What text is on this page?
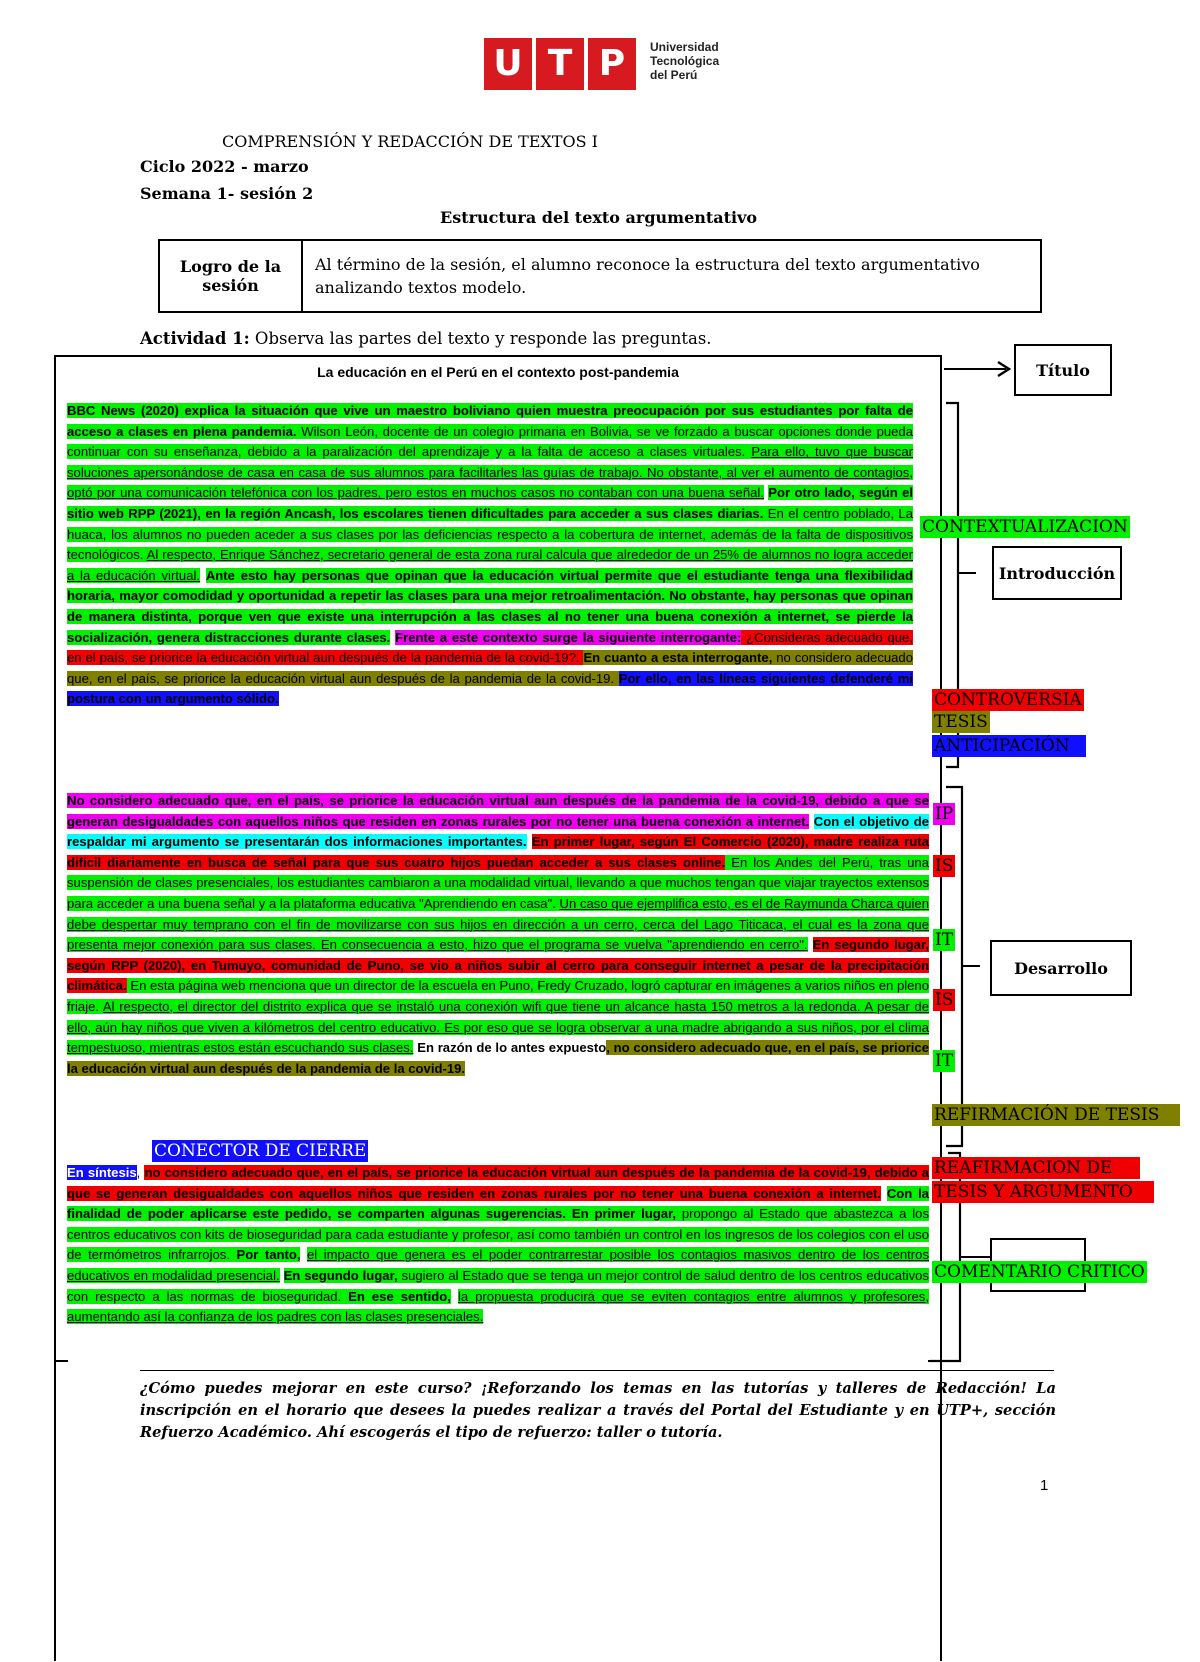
U T P	Universidad
Tecnológica
del Perú
COMPRENSIÓN Y REDACCIÓN DE TEXTOS I
Ciclo 2022 - marzo
Semana 1- sesión 2
Estructura del texto argumentativo
Logro de la sesión	Al término de la sesión, el alumno reconoce la estructura del texto argumentativo analizando textos modelo.
Actividad 1: Observa las partes del texto y responde las preguntas.
La educación en el Perú en el contexto post-pandemia
BBC News (2020) explica la situación que vive un maestro boliviano quien muestra preocupación por sus estudiantes por falta de acceso a clases en plena pandemia. Wilson León, docente de un colegio primaria en Bolivia, se ve forzado a buscar opciones donde pueda continuar con su enseñanza, debido a la paralización del aprendizaje y a la falta de acceso a clases virtuales. Para ello, tuvo que buscar soluciones apersonándose de casa en casa de sus alumnos para facilitarles las guías de trabajo. No obstante, al ver el aumento de contagios, optó por una comunicación telefónica con los padres, pero estos en muchos casos no contaban con una buena señal. Por otro lado, según el sitio web RPP (2021), en la región Ancash, los escolares tienen dificultades para acceder a sus clases diarias. En el centro poblado, La huaca, los alumnos no pueden aceder a sus clases por las deficiencias respecto a la cobertura de internet, además de la falta de dispositivos tecnológicos. Al respecto, Enrique Sánchez, secretario general de esta zona rural calcula que alrededor de un 25% de alumnos no logra acceder a la educación virtual. Ante esto hay personas que opinan que la educación virtual permite que el estudiante tenga una flexibilidad horaria, mayor comodidad y oportunidad a repetir las clases para una mejor retroalimentación. No obstante, hay personas que opinan de manera distinta, porque ven que existe una interrupción a las clases al no tener una buena conexión a internet, se pierde la socialización, genera distracciones durante clases. Frente a este contexto surge la siguiente interrogante: ¿Consideras adecuado que, en el país, se priorice la educación virtual aun después de la pandemia de la covid-19?. En cuanto a esta interrogante, no considero adecuado que, en el país, se priorice la educación virtual aun después de la pandemia de la covid-19. Por ello, en las líneas siguientes defenderé mi postura con un argumento sólido.
No considero adecuado que, en el país, se priorice la educación virtual aun después de la pandemia de la covid-19, debido a que se generan desigualdades con aquellos niños que residen en zonas rurales por no tener una buena conexión a internet. Con el objetivo de respaldar mi argumento se presentarán dos informaciones importantes. En primer lugar, según El Comercio (2020), madre realiza ruta difícil diariamente en busca de señal para que sus cuatro hijos puedan acceder a sus clases online. En los Andes del Perú, tras una suspensión de clases presenciales, los estudiantes cambiaron a una modalidad virtual, llevando a que muchos tengan que viajar trayectos extensos para acceder a una buena señal y a la plataforma educativa "Aprendiendo en casa". Un caso que ejemplifica esto, es el de Raymunda Charca quien debe despertar muy temprano con el fin de movilizarse con sus hijos en dirección a un cerro, cerca del Lago Titicaca, el cual es la zona que presenta mejor conexión para sus clases. En consecuencia a esto, hizo que el programa se vuelva "aprendiendo en cerro". En segundo lugar, según RPP (2020), en Tumuyo, comunidad de Puno, se vio a niños subir al cerro para conseguir internet a pesar de la precipitación climática. En esta página web menciona que un director de la escuela en Puno, Fredy Cruzado, logró capturar en imágenes a varios niños en pleno friaje. Al respecto, el director del distrito explica que se instaló una conexión wifi que tiene un alcance hasta 150 metros a la redonda. A pesar de ello, aún hay niños que viven a kilómetros del centro educativo. Es por eso que se logra observar a una madre abrigando a sus niños, por el clima tempestuoso, mientras estos están escuchando sus clases. En razón de lo antes expuesto, no considero adecuado que, en el país, se priorice la educación virtual aun después de la pandemia de la covid-19.
CONECTOR DE CIERRE
En síntesis, no considero adecuado que, en el país, se priorice la educación virtual aun después de la pandemia de la covid-19, debido a que se generan desigualdades con aquellos niños que residen en zonas rurales por no tener una buena conexión a internet. Con la finalidad de poder aplicarse este pedido, se comparten algunas sugerencias. En primer lugar, propongo al Estado que abastezca a los centros educativos con kits de bioseguridad para cada estudiante y profesor, así como también un control en los ingresos de los colegios con el uso de termómetros infrarrojos. Por tanto, el impacto que genera es el poder contrarrestar posible los contagios masivos dentro de los centros educativos en modalidad presencial. En segundo lugar, sugiero al Estado que se tenga un mejor control de salud dentro de los centros educativos con respecto a las normas de bioseguridad. En ese sentido, la propuesta producirá que se eviten contagios entre alumnos y profesores, aumentando así la confianza de los padres con las clases presenciales.
Título
Introducción
Desarrollo
CONTEXTUALIZACION
CONTROVERSIA
TESIS
ANTICIPACIÓN
IP
IS
IT
IS
IT
REFIRMACIÓN DE TESIS
REAFIRMACION DE
TESIS Y ARGUMENTO
COMENTARIO CRITICO
¿Cómo puedes mejorar en este curso? ¡Reforzando los temas en las tutorías y talleres de Redacción! La inscripción en el horario que desees la puedes realizar a través del Portal del Estudiante y en UTP+, sección Refuerzo Académico. Ahí escogerás el tipo de refuerzo: taller o tutoría.
1
